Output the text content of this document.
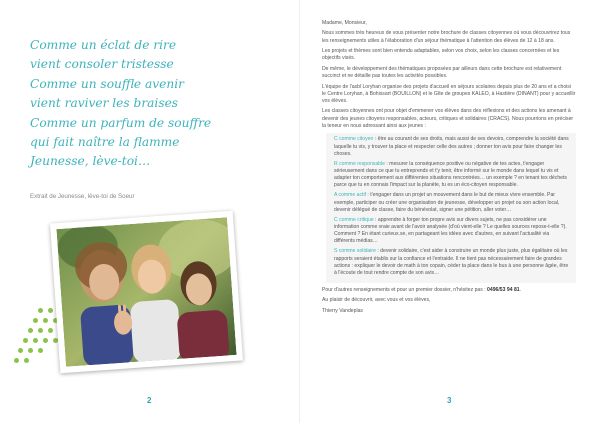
Comme un éclat de rire
vient consoler tristesse
Comme un souffle avenir
vient raviver les braises
Comme un parfum de souffre
qui fait naître la flamme
Jeunesse, lève-toi…
Extrait de Jeunesse, lève-toi de Soeur
2

Madame, Monsieur,

Nous sommes très heureux de vous présenter notre brochure de classes citoyennes où vous découvrirez tous les renseignements utiles à l'élaboration d'un séjour thématique à l'attention des élèves de 12 à 18 ans.

Les projets et thèmes sont bien entendu adaptables, selon vos choix, selon les classes concernées et les objectifs visés.

De même, le développement des thématiques proposées par ailleurs dans cette brochure est relativement succinct et ne détaille pas toutes les activités possibles.

L'équipe de l'asbl Loryhan organise des projets d'accueil en séjours scolaires depuis plus de 20 ans et a choisi le Centre Loryhan, à Bohissart (BOUILLON) et le Gîte de groupes KALEO, à Hastière (DINANT) pour y accueillir vos élèves.

Les classes citoyennes ont pour objet d'emmener vos élèves dans des réflexions et des actions les amenant à devenir des jeunes citoyens responsables, acteurs, critiques et solidaires (CRACS). Nous pourrions en préciser la teneur en nous adressant ainsi aux jeunes :

C comme citoyen : être au courant de ses droits, mais aussi de ses devoirs, comprendre la société dans laquelle tu vis, y trouver ta place et respecter celle des autres ; donner ton avis pour faire changer les choses.

R comme responsable : mesurer la conséquence positive ou négative de tes actes, t'engager sérieusement dans ce que tu entreprends et t'y tenir, être informé sur le monde dans lequel tu vis et adapter ton comportement aux différentes situations rencontrées… un exemple ? en tenant tes déchets parce que tu en connais l'impact sur la planète, tu es un éco-citoyen responsable.

A comme actif : t'engager dans un projet un mouvement dans le but de mieux vivre ensemble. Par exemple, participer ou créer une organisation de jeunesse, développer un projet ou son action local, devenir délégué de classe, faire du bénévolat, signer une pétition, aller voter…

C comme critique : apprendre à forger ton propre avis sur divers sujets, ne pas considérer une information comme vraie avant de l'avoir analysée (d'où vient-elle ? Le quelles sources repose-t-elle ?). Comment ? En étant curieux.se, en partageant les idées avec d'autres, en suivant l'actualité via différents médias…

S comme solidaire : devenir solidaire, c'est aider à construire un monde plus juste, plus égalitaire où les rapports seraient établis sur la confiance et l'entraide. Il ne tient pas nécessairement faire de grandes actions : expliquer le devoir de math à ton copain, céder ta place dans le bus à une personne âgée, être à l'écoute de tout rendre compte de son avis…

Pour d'autres renseignements et pour un premier dossier, n'hésitez pas : 0496/53 94 81.

Au plaisir de découvrir, avec vous et vos élèves,

Thierry Vandeplas

3
